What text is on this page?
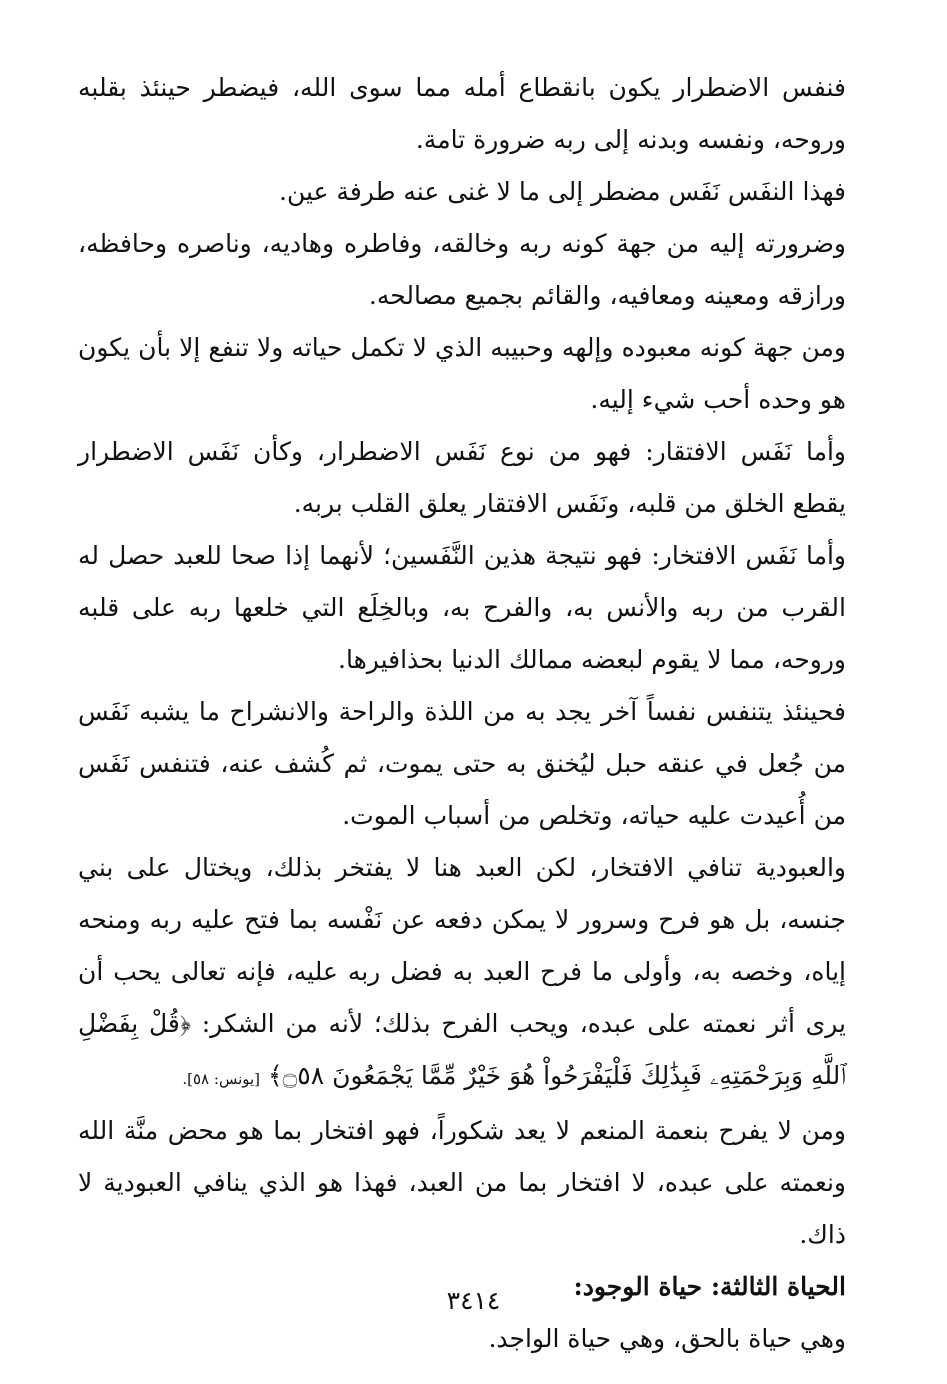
فنفس الاضطرار يكون بانقطاع أمله مما سوى الله، فيضطر حينئذ بقلبه وروحه، ونفسه وبدنه إلى ربه ضرورة تامة.

فهذا النفَس نَفَس مضطر إلى ما لا غنى عنه طرفة عين.

وضرورته إليه من جهة كونه ربه وخالقه، وفاطره وهاديه، وناصره وحافظه، ورازقه ومعينه ومعافيه، والقائم بجميع مصالحه.

ومن جهة كونه معبوده وإلهه وحبيبه الذي لا تكمل حياته ولا تنفع إلا بأن يكون هو وحده أحب شيء إليه.

وأما نَفَس الافتقار: فهو من نوع نَفَس الاضطرار، وكأن نَفَس الاضطرار يقطع الخلق من قلبه، ونَفَس الافتقار يعلق القلب بربه.

وأما نَفَس الافتخار: فهو نتيجة هذين النَّفَسين؛ لأنهما إذا صحا للعبد حصل له القرب من ربه والأنس به، والفرح به، وبالخِلَع التي خلعها ربه على قلبه وروحه، مما لا يقوم لبعضه ممالك الدنيا بحذافيرها.

فحينئذ يتنفس نفساً آخر يجد به من اللذة والراحة والانشراح ما يشبه نَفَس من جُعل في عنقه حبل ليُخنق به حتى يموت، ثم كُشف عنه، فتنفس نَفَس من أُعيدت عليه حياته، وتخلص من أسباب الموت.

والعبودية تنافي الافتخار، لكن العبد هنا لا يفتخر بذلك، ويختال على بني جنسه، بل هو فرح وسرور لا يمكن دفعه عن نَفْسه بما فتح عليه ربه ومنحه إياه، وخصه به، وأولى ما فرح العبد به فضل ربه عليه، فإنه تعالى يحب أن يرى أثر نعمته على عبده، ويحب الفرح بذلك؛ لأنه من الشكر: ﴿قُلْ بِفَضْلِ ٱللَّهِ وَبِرَحْمَتِهِۦ فَبِذَٰلِكَ فَلْيَفْرَحُواْ هُوَ خَيْرٌ مِّمَّا يَجْمَعُونَ ۝٥٨﴾ [يونس: ٥٨].

ومن لا يفرح بنعمة المنعم لا يعد شكوراً، فهو افتخار بما هو محض منَّة الله ونعمته على عبده، لا افتخار بما من العبد، فهذا هو الذي ينافي العبودية لا ذاك.

الحياة الثالثة: حياة الوجود:

وهي حياة بالحق، وهي حياة الواجد.

٣٤١٤
